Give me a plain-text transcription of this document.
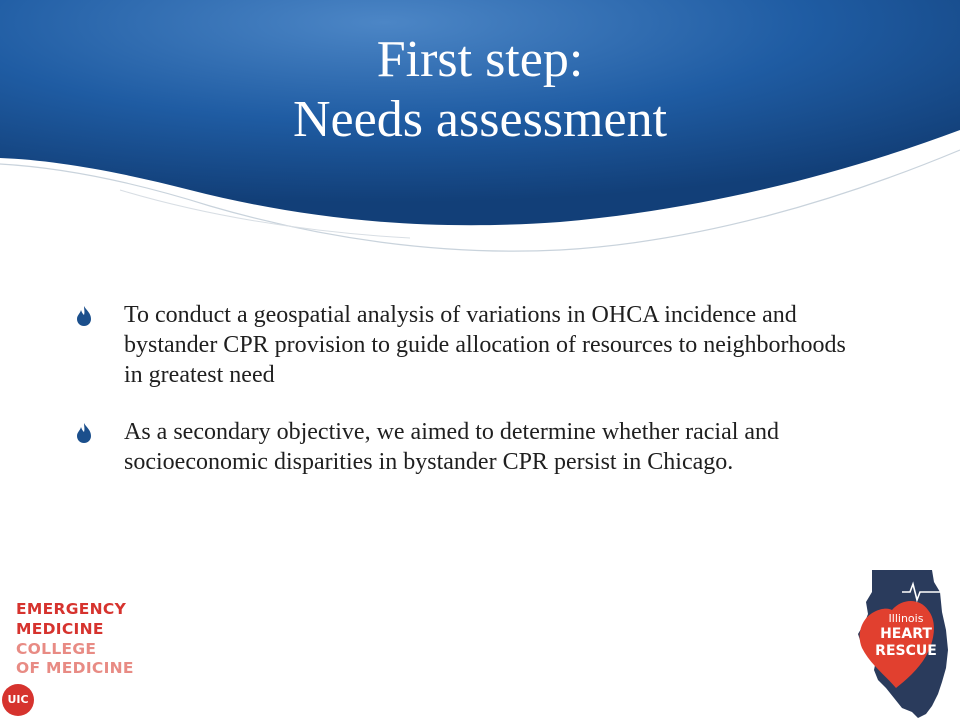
First step:
Needs assessment
To conduct a geospatial analysis of variations in OHCA incidence and bystander CPR provision to guide allocation of resources to neighborhoods in greatest need
As a secondary objective, we aimed to determine whether racial and socioeconomic disparities in bystander CPR persist in Chicago.
EMERGENCY
MEDICINE
COLLEGE
OF MEDICINE
UIC
Illinois
HEART
RESCUE
